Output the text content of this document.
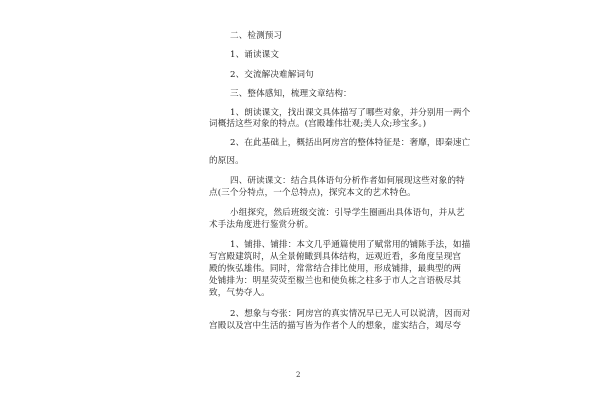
二、检测预习
1、诵读课文
2、交流解决难解词句
三、整体感知，梳理文章结构：
1、朗读课文，找出课文具体描写了哪些对象，并分别用一两个
词概括这些对象的特点。(宫殿雄伟壮观;美人众;珍宝多。)
2、在此基础上，概括出阿房宫的整体特征是：奢靡，即秦速亡
的原因。
四、研读课文：结合具体语句分析作者如何展现这些对象的特
点(三个分特点，一个总特点)，探究本文的艺术特色。
小组探究，然后班级交流：引导学生圈画出具体语句，并从艺
术手法角度进行鉴赏分析。
1、铺排、铺排：本文几乎通篇使用了赋常用的铺陈手法，如描
写宫殿建筑时，从全景俯瞰到具体结构，远观近看，多角度呈现宫
殿的恢弘雄伟。同时，常常结合排比使用，形成铺排，最典型的两
处铺排为：明星荧荧至椒兰也和使负栋之柱多于市人之言语极尽其
致，气势夺人。
2、想象与夸张：阿房宫的真实情况早已无人可以说清，因而对
宫殿以及宫中生活的描写皆为作者个人的想象，虚实结合，竭尽夸
2
